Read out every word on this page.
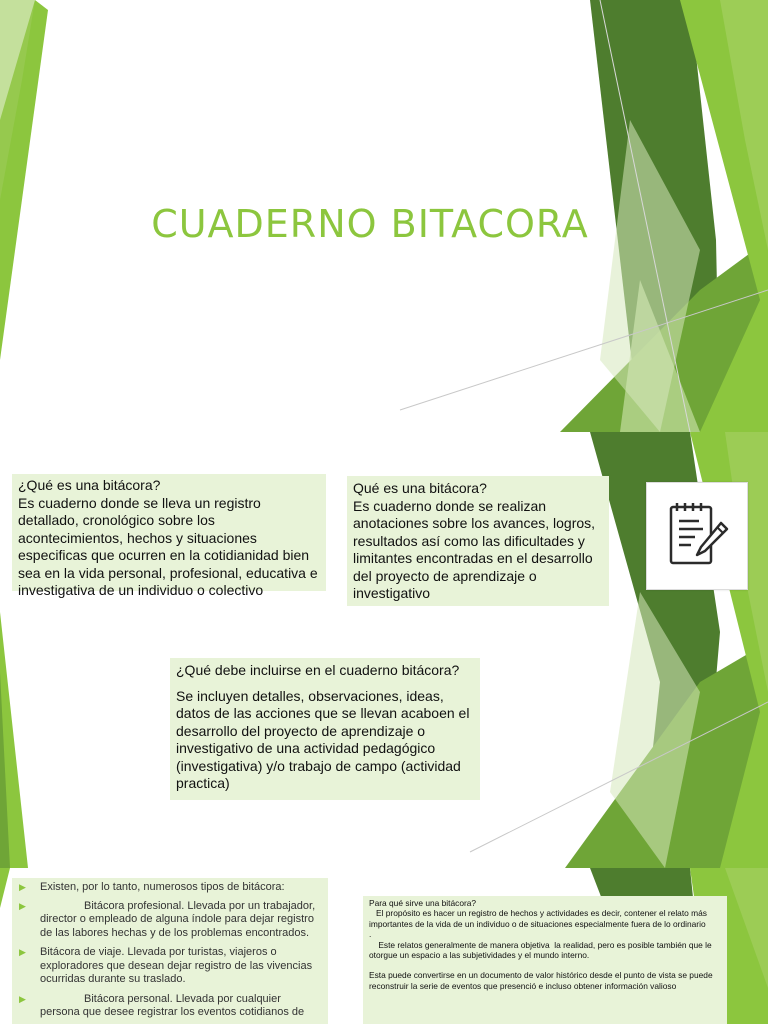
CUADERNO BITACORA

¿Qué es una bitácora?

Es cuaderno donde se lleva un registro detallado, cronológico sobre los acontecimientos, hechos y situaciones especificas que ocurren en la cotidianidad bien sea en la vida personal, profesional, educativa e investigativa de un individuo o colectivo

Qué es una bitácora?

Es cuaderno donde se realizan anotaciones sobre los avances, logros, resultados así como las dificultades y limitantes encontradas en el desarrollo del proyecto de aprendizaje o investigativo

¿Qué debe incluirse en el cuaderno bitácora?

Se incluyen detalles, observaciones, ideas, datos de las acciones que se llevan acaboen el desarrollo del proyecto de aprendizaje o investigativo de una actividad pedagógico (investigativa) y/o trabajo de campo (actividad practica)

▶ Existen, por lo tanto, numerosos tipos de bitácora:
▶	Bitácora profesional. Llevada por un trabajador, director o empleado de alguna índole para dejar registro de las labores hechas y de los problemas encontrados.
▶ Bitácora de viaje. Llevada por turistas, viajeros o exploradores que desean dejar registro de las vivencias ocurridas durante su traslado.
▶	Bitácora personal. Llevada por cualquier persona que desee registrar los eventos cotidianos de

Para qué sirve una bitácora?

El propósito es hacer un registro de hechos y actividades es decir, contener el relato más importantes de la vida de un individuo o de situaciones especialmente fuera de lo ordinario

.

Este relatos generalmente de manera objetiva  la realidad, pero es posible también que le otorgue un espacio a las subjetividades y el mundo interno.

Esta puede convertirse en un documento de valor histórico desde el punto de vista se puede reconstruir la serie de eventos que presenció e incluso obtener información valioso
